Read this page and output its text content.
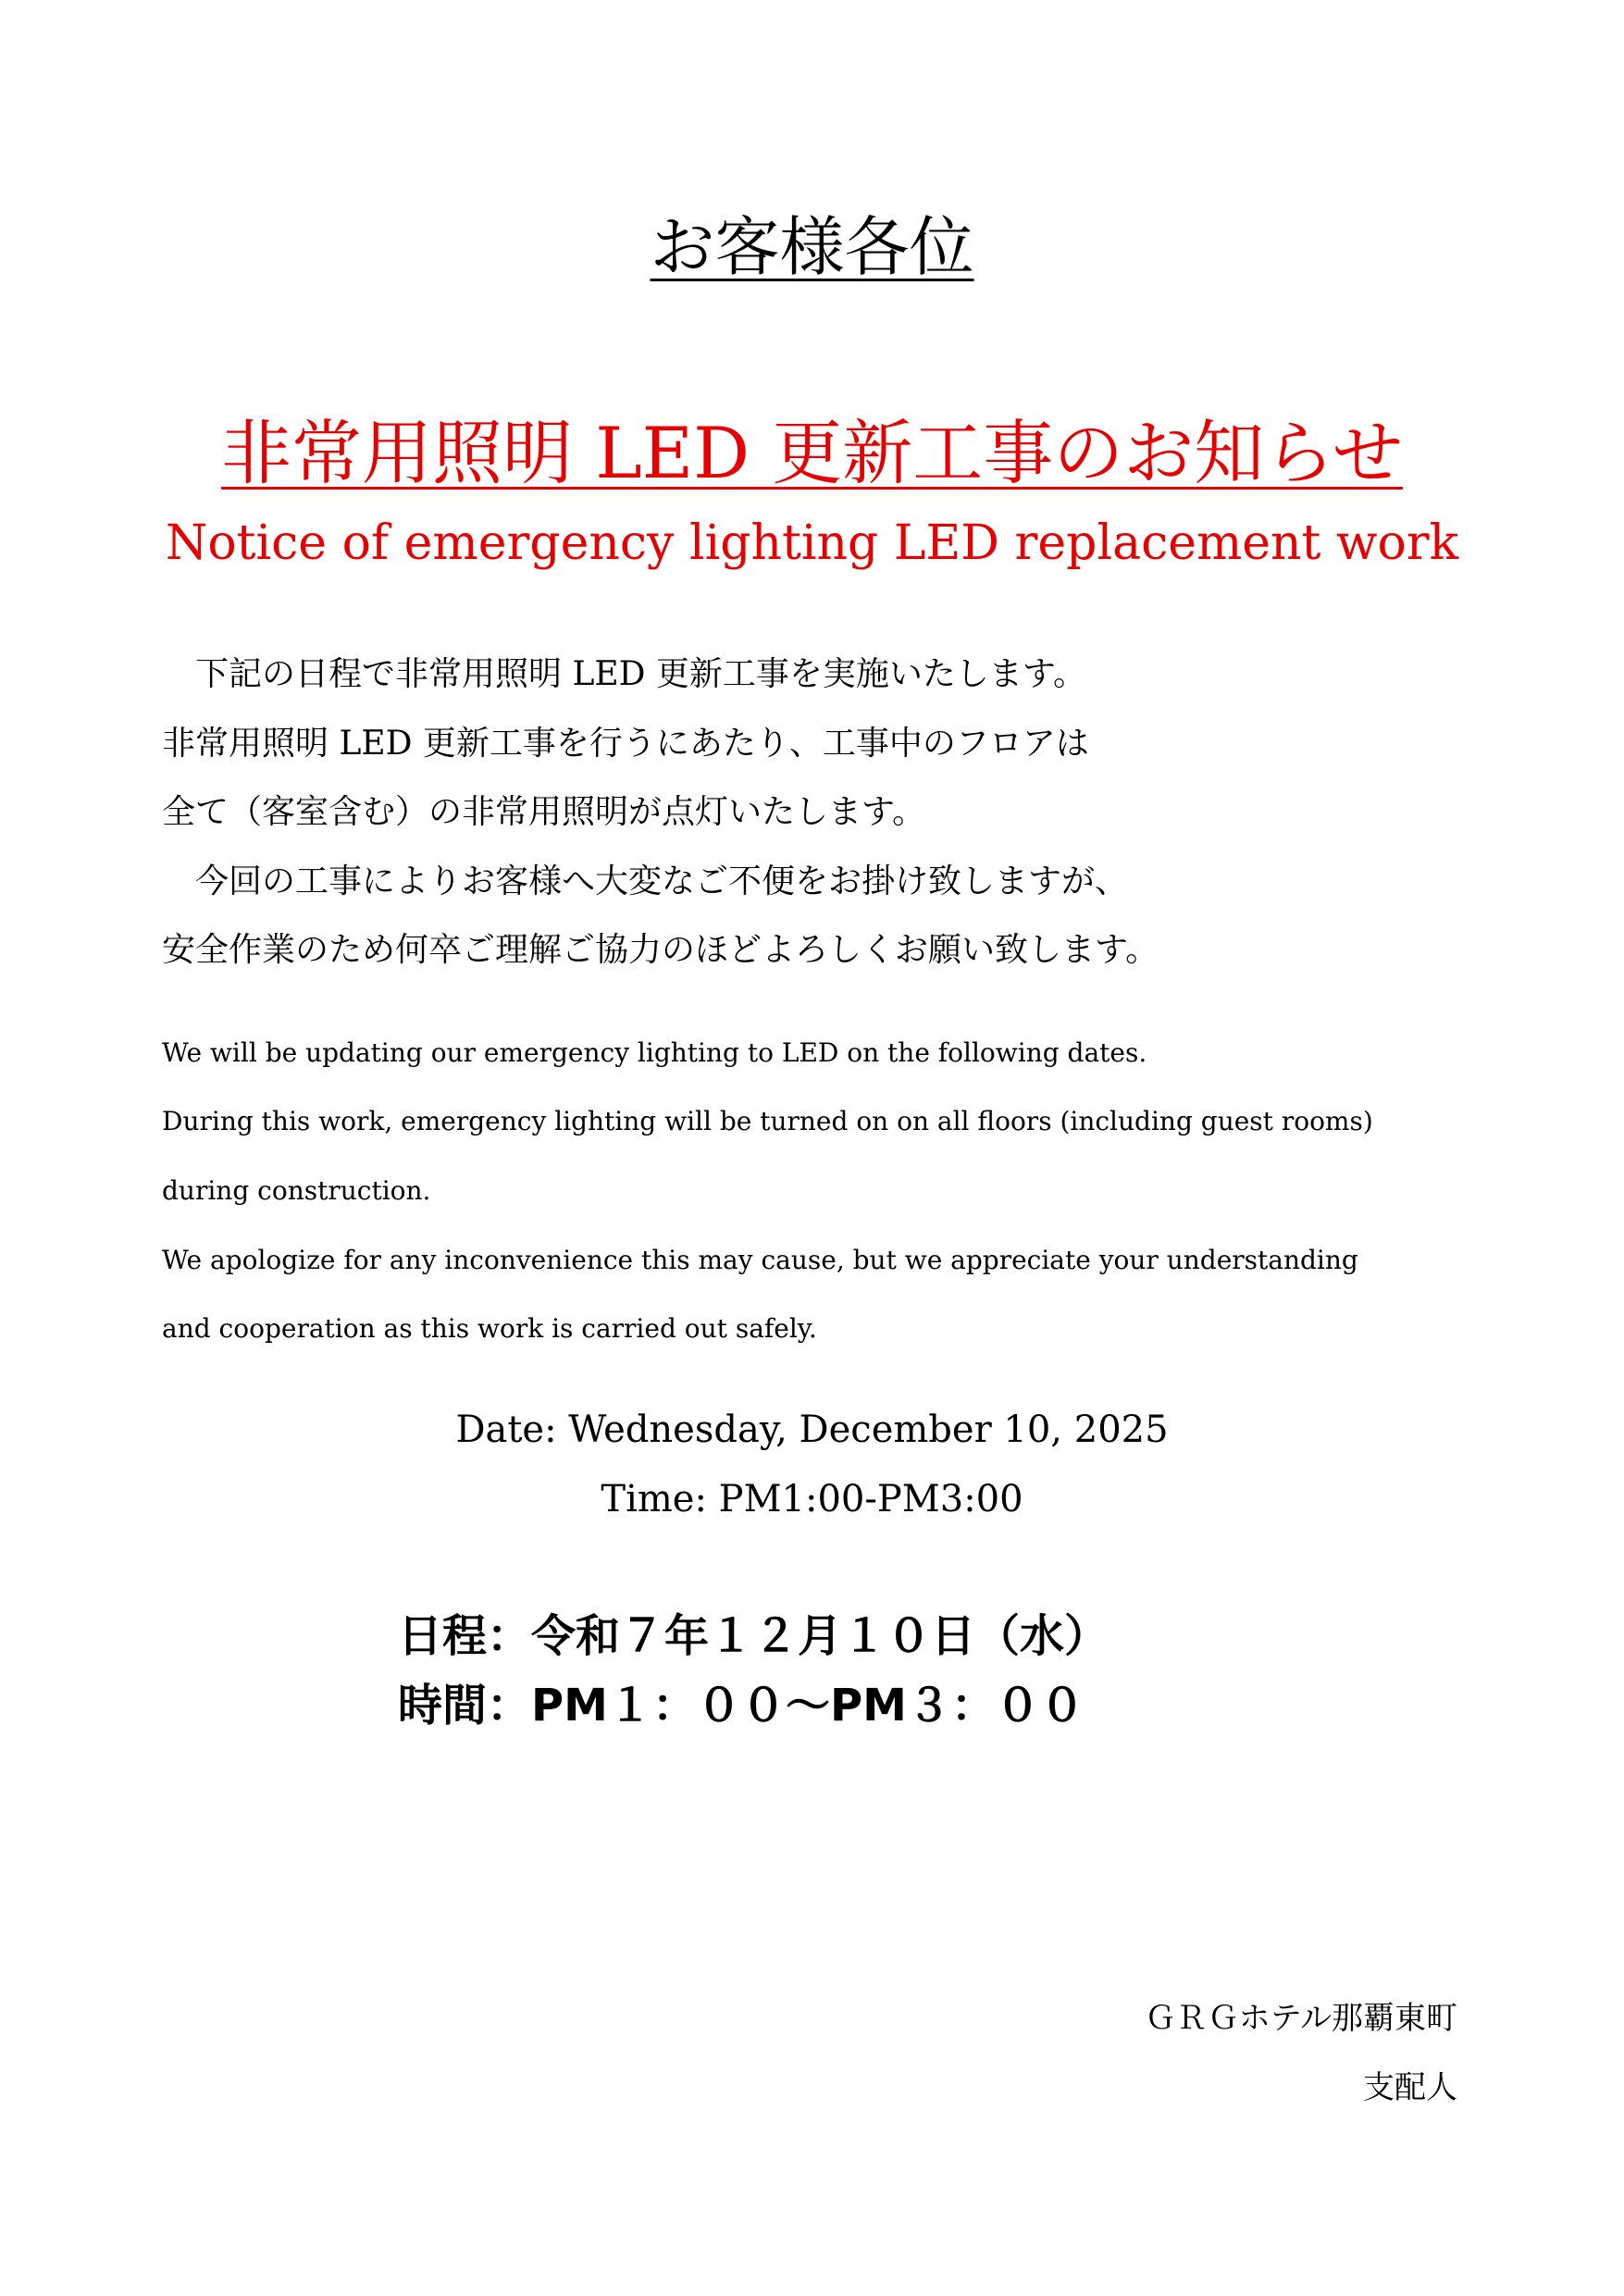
お客様各位
非常用照明 LED 更新工事のお知らせ
Notice of emergency lighting LED replacement work
　下記の日程で非常用照明 LED 更新工事を実施いたします。
非常用照明 LED 更新工事を行うにあたり、工事中のフロアは
全て（客室含む）の非常用照明が点灯いたします。
　今回の工事によりお客様へ大変なご不便をお掛け致しますが、
安全作業のため何卒ご理解ご協力のほどよろしくお願い致します。
We will be updating our emergency lighting to LED on the following dates.
During this work, emergency lighting will be turned on on all floors (including guest rooms)
during construction.
We apologize for any inconvenience this may cause, but we appreciate your understanding
and cooperation as this work is carried out safely.
Date: Wednesday, December 10, 2025
Time: PM1:00-PM3:00
日程：令和７年１２月１０日（水）
時間：PM１：００～PM３：００
ＧＲＧホテル那覇東町
支配人
